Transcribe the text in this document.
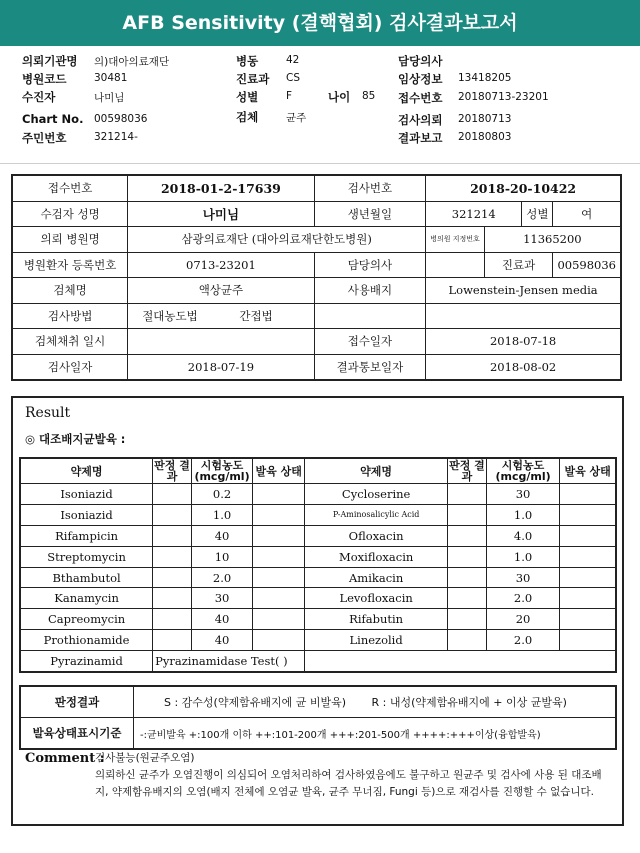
AFB Sensitivity (결핵협회) 검사결과보고서
의뢰기관명 의)대아의료재단
병원코드	30481
수진자	나미님
Chart No. 00598036
주민번호	321214-
병동	42
진료과 CS
성별	F	나이 85
검체	균주
담당의사
임상정보 13418205
접수번호 20180713-23201
검사의뢰 20180713
결과보고 20180803
접수번호	2018-01-2-17639	검사번호	2018-20-10422			
수검자 성명	나미님	생년월일	321214		성별	여
의뢰 병원명	삼광의료재단 (대아의료재단한도병원)		병의원 지정번호	11365200		
병원환자 등록번호	0713-23201	담당의사		진료과		00598036
검체명	액상균주	사용배지	Lowenstein-Jensen media			
검사방법	절대농도법 간접법					
검체채취 일시		접수일자	2018-07-18			
검사일자	2018-07-19	결과통보일자	2018-08-02			
Result
◎ 대조배지균발육 :
약제명	판정 결과	시험농도 (mcg/ml)	발육 상태	약제명	판정 결과	시험농도 (mcg/ml)	발육 상태
Isoniazid		0.2		Cycloserine		30	
Isoniazid		1.0		P-Aminosalicylic Acid		1.0	
Rifampicin		40		Ofloxacin		4.0	
Streptomycin		10		Moxifloxacin		1.0	
Bthambutol		2.0		Amikacin		30	
Kanamycin		30		Levofloxacin		2.0	
Capreomycin		40		Rifabutin		20	
Prothionamide		40		Linezolid		2.0	
Pyrazinamid	Pyrazinamidase Test( )						
판정결과	S : 감수성(약제함유배지에 균 비발육) R : 내성(약제함유배지에 + 이상 균발육)
발육상태표시기준	-:균비발육 +:100개 이하 ++:101-200개 +++:201-500개 ++++:+++이상(융합발육)
Comment :
검사불능(원균주오염)
의뢰하신 균주가 오염진행이 의심되어 오염처리하여 검사하였음에도 불구하고 원균주 및 검사에 사용 된 대조배지, 약제함유배지의 오염(배지 전체에 오염균 발육, 균주 무너짐, Fungi 등)으로 재검사를 진행할 수 없습니다.
